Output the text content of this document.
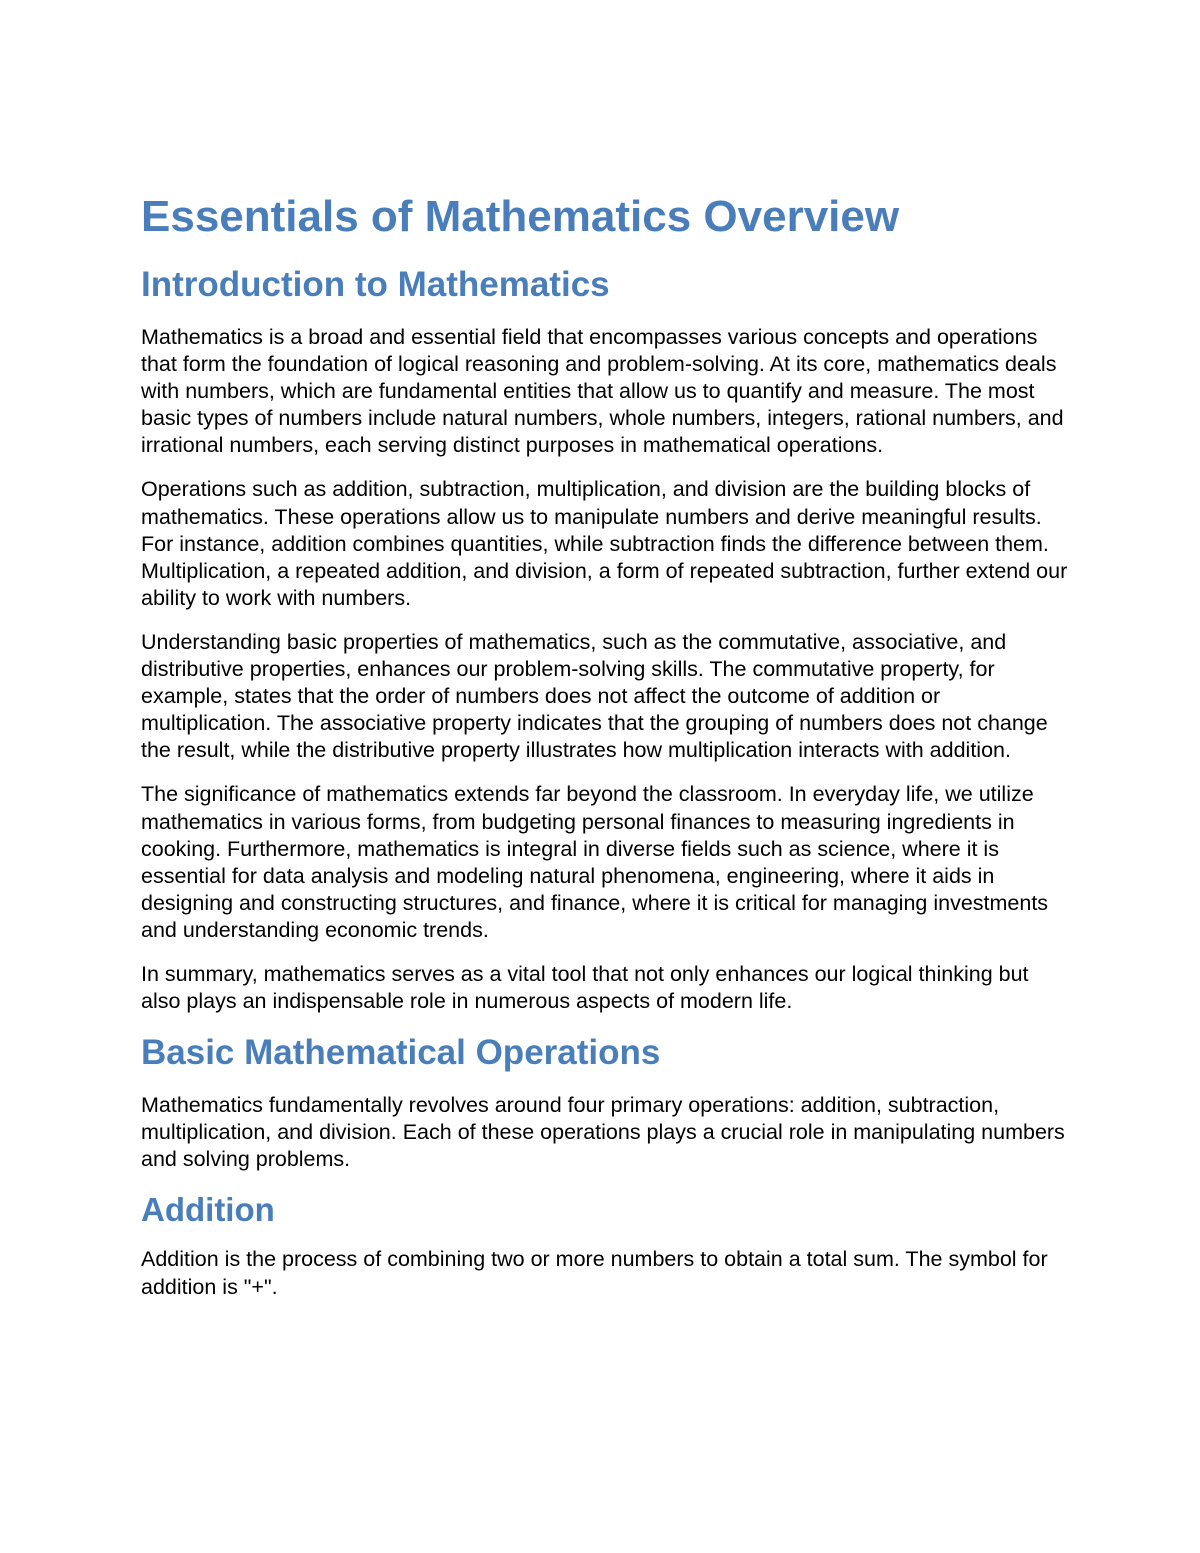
Essentials of Mathematics Overview
Introduction to Mathematics

Mathematics is a broad and essential field that encompasses various concepts and operations that form the foundation of logical reasoning and problem-solving. At its core, mathematics deals with numbers, which are fundamental entities that allow us to quantify and measure. The most basic types of numbers include natural numbers, whole numbers, integers, rational numbers, and irrational numbers, each serving distinct purposes in mathematical operations.

Operations such as addition, subtraction, multiplication, and division are the building blocks of mathematics. These operations allow us to manipulate numbers and derive meaningful results. For instance, addition combines quantities, while subtraction finds the difference between them. Multiplication, a repeated addition, and division, a form of repeated subtraction, further extend our ability to work with numbers.

Understanding basic properties of mathematics, such as the commutative, associative, and distributive properties, enhances our problem-solving skills. The commutative property, for example, states that the order of numbers does not affect the outcome of addition or multiplication. The associative property indicates that the grouping of numbers does not change the result, while the distributive property illustrates how multiplication interacts with addition.

The significance of mathematics extends far beyond the classroom. In everyday life, we utilize mathematics in various forms, from budgeting personal finances to measuring ingredients in cooking. Furthermore, mathematics is integral in diverse fields such as science, where it is essential for data analysis and modeling natural phenomena, engineering, where it aids in designing and constructing structures, and finance, where it is critical for managing investments and understanding economic trends.

In summary, mathematics serves as a vital tool that not only enhances our logical thinking but also plays an indispensable role in numerous aspects of modern life.

Basic Mathematical Operations

Mathematics fundamentally revolves around four primary operations: addition, subtraction, multiplication, and division. Each of these operations plays a crucial role in manipulating numbers and solving problems.

Addition

Addition is the process of combining two or more numbers to obtain a total sum. The symbol for addition is "+".
